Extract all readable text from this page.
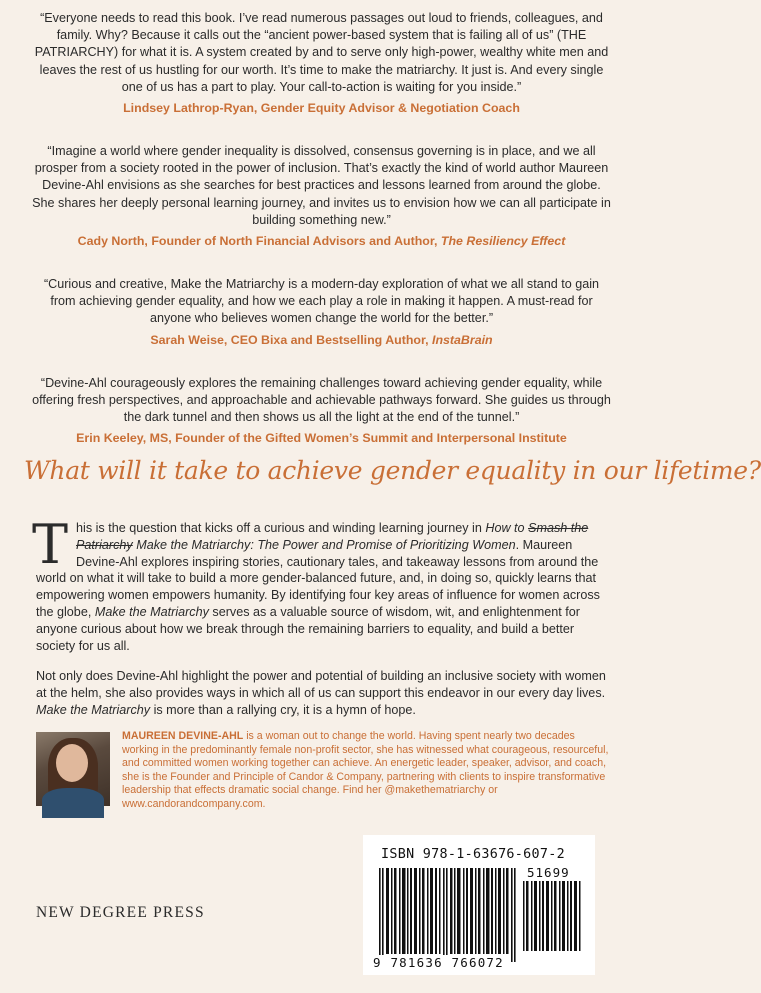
“Everyone needs to read this book. I’ve read numerous passages out loud to friends, colleagues, and family. Why? Because it calls out the “ancient power-based system that is failing all of us” (THE PATRIARCHY) for what it is. A system created by and to serve only high-power, wealthy white men and leaves the rest of us hustling for our worth. It’s time to make the matriarchy. It just is. And every single one of us has a part to play. Your call-to-action is waiting for you inside.”

Lindsey Lathrop-Ryan, Gender Equity Advisor & Negotiation Coach

“Imagine a world where gender inequality is dissolved, consensus governing is in place, and we all prosper from a society rooted in the power of inclusion. That’s exactly the kind of world author Maureen Devine-Ahl envisions as she searches for best practices and lessons learned from around the globe. She shares her deeply personal learning journey, and invites us to envision how we can all participate in building something new.”

Cady North, Founder of North Financial Advisors and Author, The Resiliency Effect

“Curious and creative, Make the Matriarchy is a modern-day exploration of what we all stand to gain from achieving gender equality, and how we each play a role in making it happen. A must-read for anyone who believes women change the world for the better.”

Sarah Weise, CEO Bixa and Bestselling Author, InstaBrain

“Devine-Ahl courageously explores the remaining challenges toward achieving gender equality, while offering fresh perspectives, and approachable and achievable pathways forward. She guides us through the dark tunnel and then shows us all the light at the end of the tunnel.”

Erin Keeley, MS, Founder of the Gifted Women’s Summit and Interpersonal Institute

What will it take to achieve gender equality in our lifetime?

This is the question that kicks off a curious and winding learning journey in How to Smash the Patriarchy Make the Matriarchy: The Power and Promise of Prioritizing Women. Maureen Devine-Ahl explores inspiring stories, cautionary tales, and takeaway lessons from around the world on what it will take to build a more gender-balanced future, and, in doing so, quickly learns that empowering women empowers humanity. By identifying four key areas of influence for women across the globe, Make the Matriarchy serves as a valuable source of wisdom, wit, and enlightenment for anyone curious about how we break through the remaining barriers to equality, and build a better society for us all.

Not only does Devine-Ahl highlight the power and potential of building an inclusive society with women at the helm, she also provides ways in which all of us can support this endeavor in our every day lives. Make the Matriarchy is more than a rallying cry, it is a hymn of hope.

MAUREEN DEVINE-AHL is a woman out to change the world. Having spent nearly two decades working in the predominantly female non-profit sector, she has witnessed what courageous, resourceful, and committed women working together can achieve. An energetic leader, speaker, advisor, and coach, she is the Founder and Principle of Candor & Company, partnering with clients to inspire transformative leadership that effects dramatic social change. Find her @makethematriarchy or www.candorandcompany.com.
NEW DEGREE PRESS
ISBN 978-1-63676-607-2
51699
9 781636 766072
